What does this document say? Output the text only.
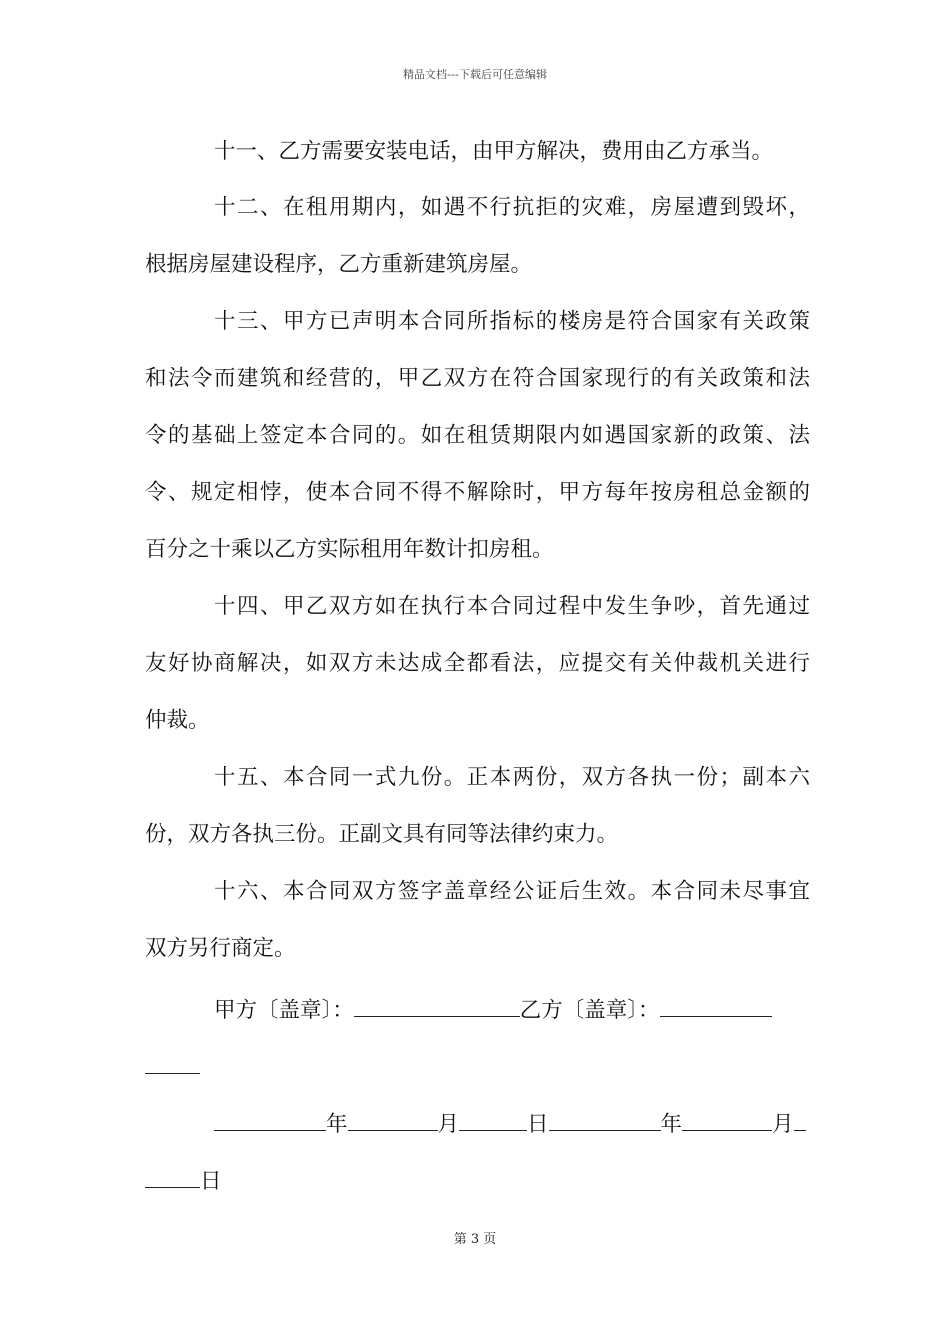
精品文档---下载后可任意编辑
十一、乙方需要安装电话，由甲方解决，费用由乙方承当。
十二、在租用期内，如遇不行抗拒的灾难，房屋遭到毁坏，
根据房屋建设程序，乙方重新建筑房屋。
十三、甲方已声明本合同所指标的楼房是符合国家有关政策
和法令而建筑和经营的，甲乙双方在符合国家现行的有关政策和法
令的基础上签定本合同的。如在租赁期限内如遇国家新的政策、法
令、规定相悖，使本合同不得不解除时，甲方每年按房租总金额的
百分之十乘以乙方实际租用年数计扣房租。
十四、甲乙双方如在执行本合同过程中发生争吵，首先通过
友好协商解决，如双方未达成全都看法，应提交有关仲裁机关进行
仲裁。
十五、本合同一式九份。正本两份，双方各执一份；副本六
份，双方各执三份。正副文具有同等法律约束力。
十六、本合同双方签字盖章经公证后生效。本合同未尽事宜
双方另行商定。
甲方〔盖章〕：	乙方〔盖章〕：
年	月	日	年	月
日
第 3 页
